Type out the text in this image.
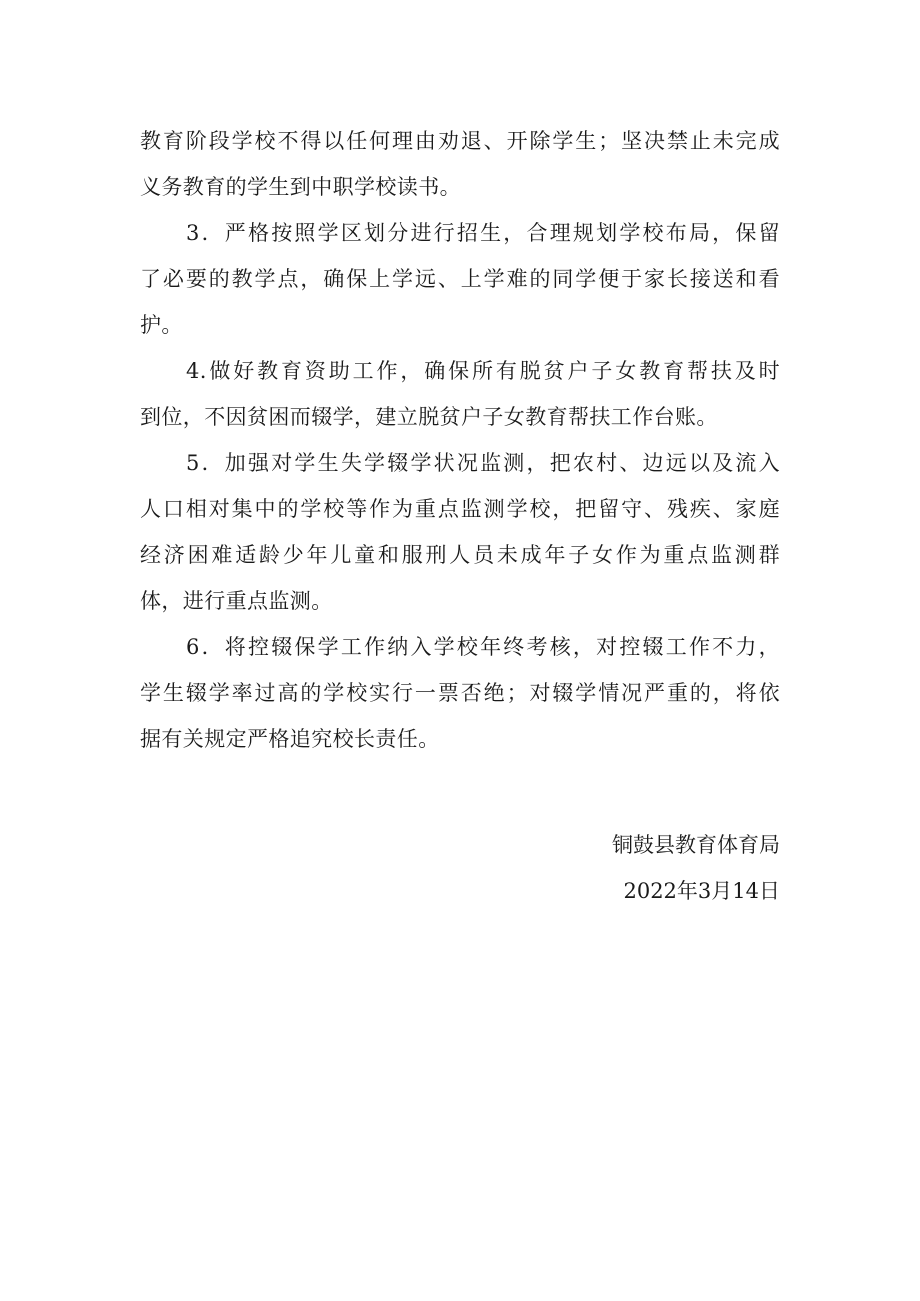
教育阶段学校不得以任何理由劝退、开除学生；坚决禁止未完成
义务教育的学生到中职学校读书。
3．严格按照学区划分进行招生，合理规划学校布局，保留
了必要的教学点，确保上学远、上学难的同学便于家长接送和看
护。
4.做好教育资助工作，确保所有脱贫户子女教育帮扶及时
到位，不因贫困而辍学，建立脱贫户子女教育帮扶工作台账。
5．加强对学生失学辍学状况监测，把农村、边远以及流入
人口相对集中的学校等作为重点监测学校，把留守、残疾、家庭
经济困难适龄少年儿童和服刑人员未成年子女作为重点监测群
体，进行重点监测。
6．将控辍保学工作纳入学校年终考核，对控辍工作不力，
学生辍学率过高的学校实行一票否绝；对辍学情况严重的，将依
据有关规定严格追究校长责任。
铜鼓县教育体育局
2022年3月14日
